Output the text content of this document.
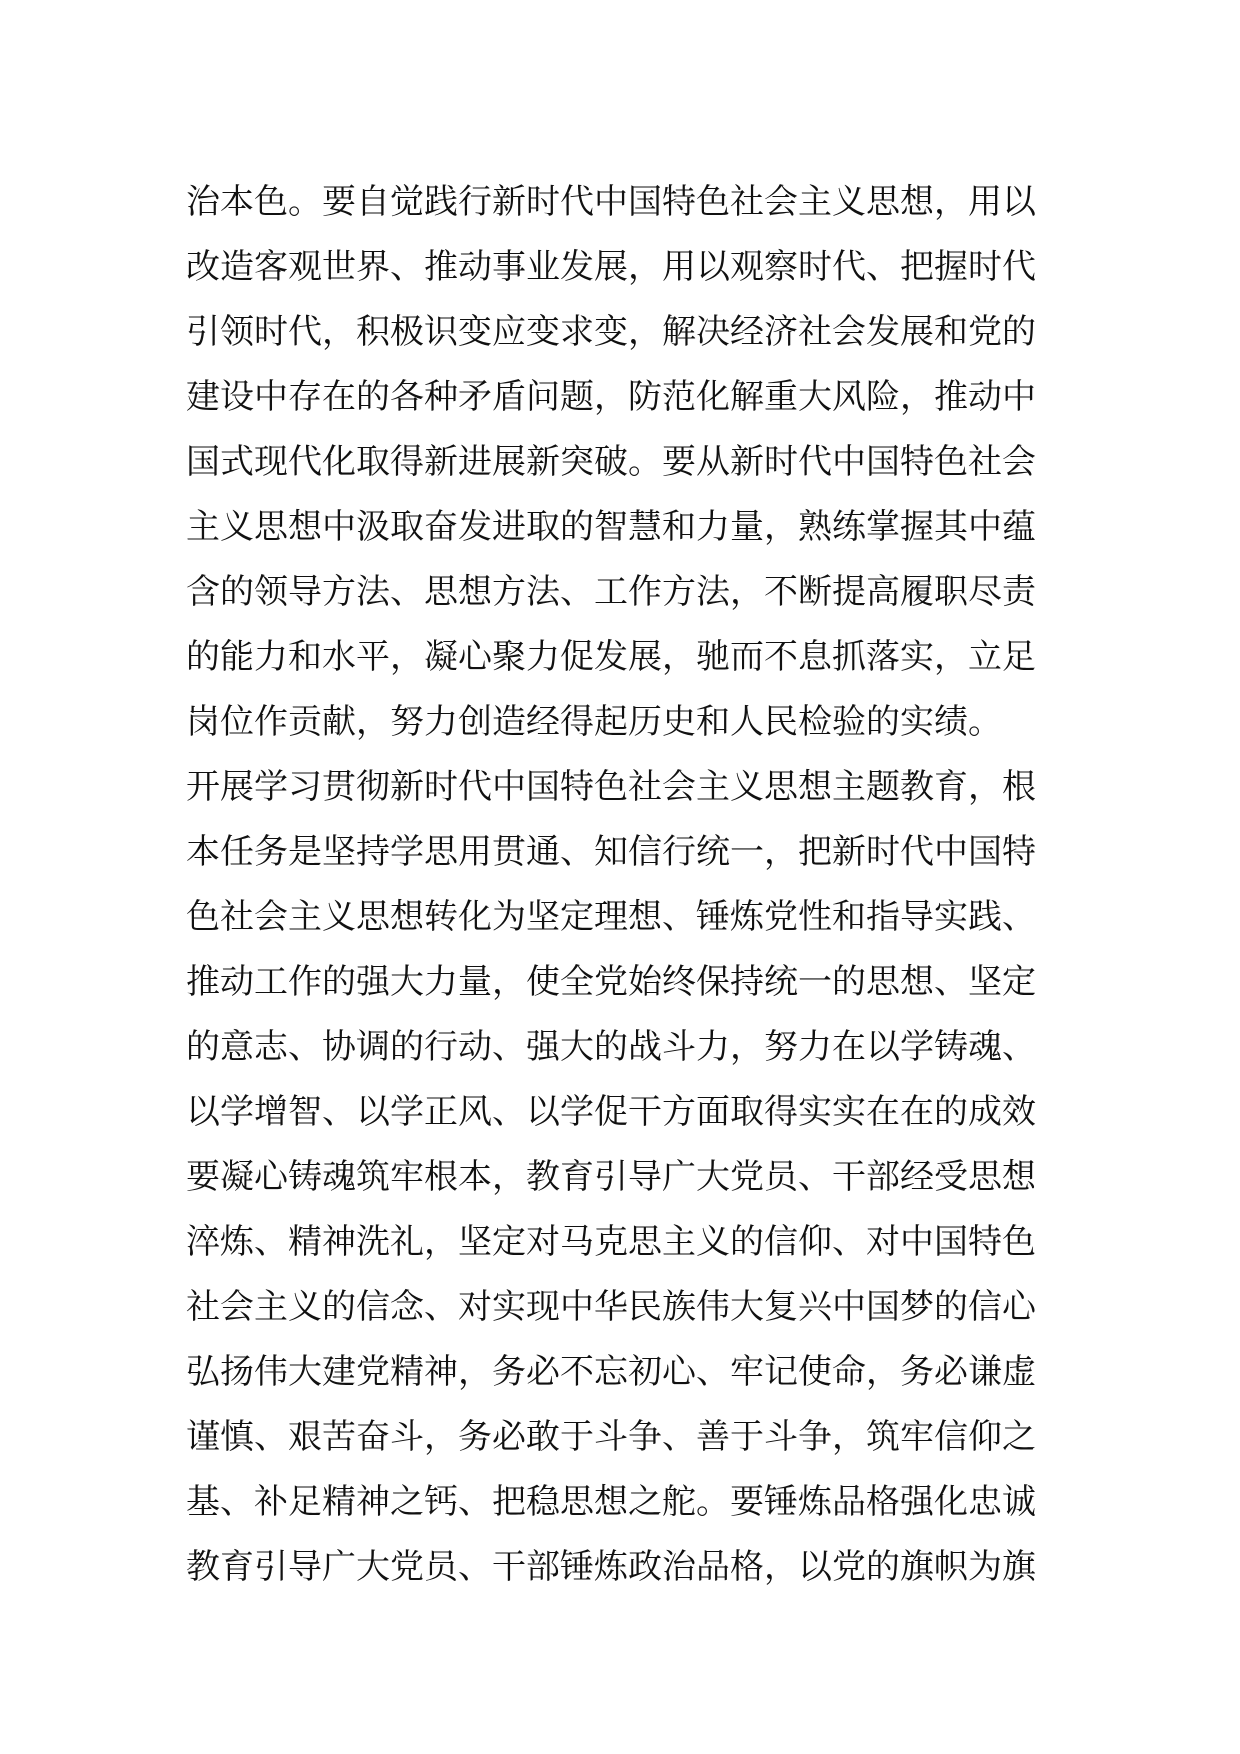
治本色。要自觉践行新时代中国特色社会主义思想，用以
改造客观世界、推动事业发展，用以观察时代、把握时代
引领时代，积极识变应变求变，解决经济社会发展和党的
建设中存在的各种矛盾问题，防范化解重大风险，推动中
国式现代化取得新进展新突破。要从新时代中国特色社会
主义思想中汲取奋发进取的智慧和力量，熟练掌握其中蕴
含的领导方法、思想方法、工作方法，不断提高履职尽责
的能力和水平，凝心聚力促发展，驰而不息抓落实，立足
岗位作贡献，努力创造经得起历史和人民检验的实绩。
开展学习贯彻新时代中国特色社会主义思想主题教育，根
本任务是坚持学思用贯通、知信行统一，把新时代中国特
色社会主义思想转化为坚定理想、锤炼党性和指导实践、
推动工作的强大力量，使全党始终保持统一的思想、坚定
的意志、协调的行动、强大的战斗力，努力在以学铸魂、
以学增智、以学正风、以学促干方面取得实实在在的成效
要凝心铸魂筑牢根本，教育引导广大党员、干部经受思想
淬炼、精神洗礼，坚定对马克思主义的信仰、对中国特色
社会主义的信念、对实现中华民族伟大复兴中国梦的信心
弘扬伟大建党精神，务必不忘初心、牢记使命，务必谦虚
谨慎、艰苦奋斗，务必敢于斗争、善于斗争，筑牢信仰之
基、补足精神之钙、把稳思想之舵。要锤炼品格强化忠诚
教育引导广大党员、干部锤炼政治品格，以党的旗帜为旗
